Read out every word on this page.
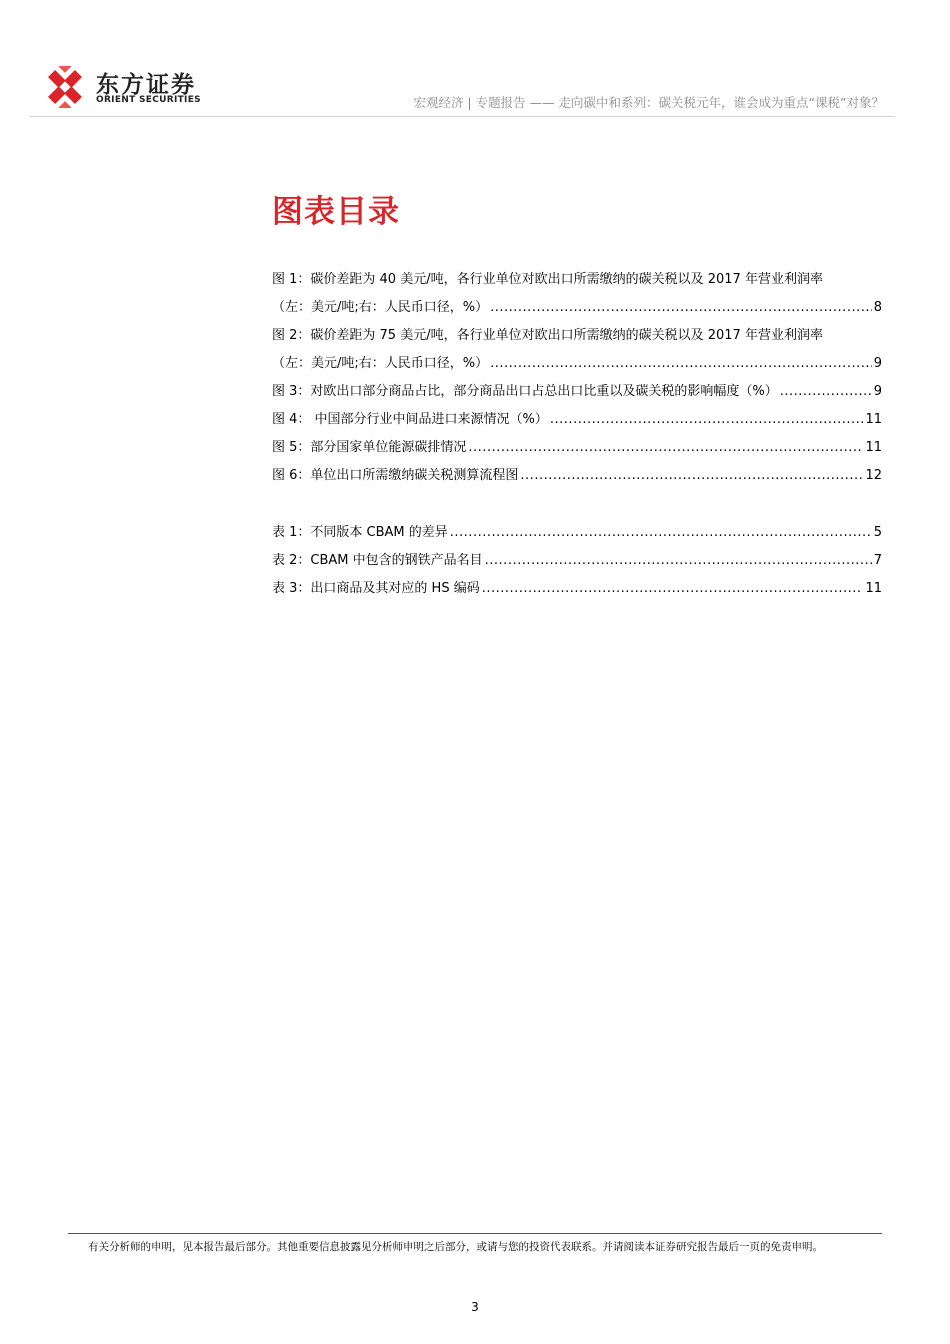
东方证券
ORIENT SECURITIES	宏观经济 | 专题报告 —— 走向碳中和系列：碳关税元年，谁会成为重点“课税”对象？
图表目录
图 1：碳价差距为 40 美元/吨，各行业单位对欧出口所需缴纳的碳关税以及 2017 年营业利润率
（左：美元/吨;右：人民币口径，%） .....	8
图 2：碳价差距为 75 美元/吨，各行业单位对欧出口所需缴纳的碳关税以及 2017 年营业利润率
（左：美元/吨;右：人民币口径，%） .....	9
图 3：对欧出口部分商品占比，部分商品出口占总出口比重以及碳关税的影响幅度（%） .....	9
图 4： 中国部分行业中间品进口来源情况（%） .....	11
图 5：部分国家单位能源碳排情况 .....	11
图 6：单位出口所需缴纳碳关税测算流程图 .....	12
表 1：不同版本 CBAM 的差异 .....	5
表 2：CBAM 中包含的钢铁产品名目 .....	7
表 3：出口商品及其对应的 HS 编码 .....	11
有关分析师的申明，见本报告最后部分。其他重要信息披露见分析师申明之后部分，或请与您的投资代表联系。并请阅读本证券研究报告最后一页的免责申明。
3
